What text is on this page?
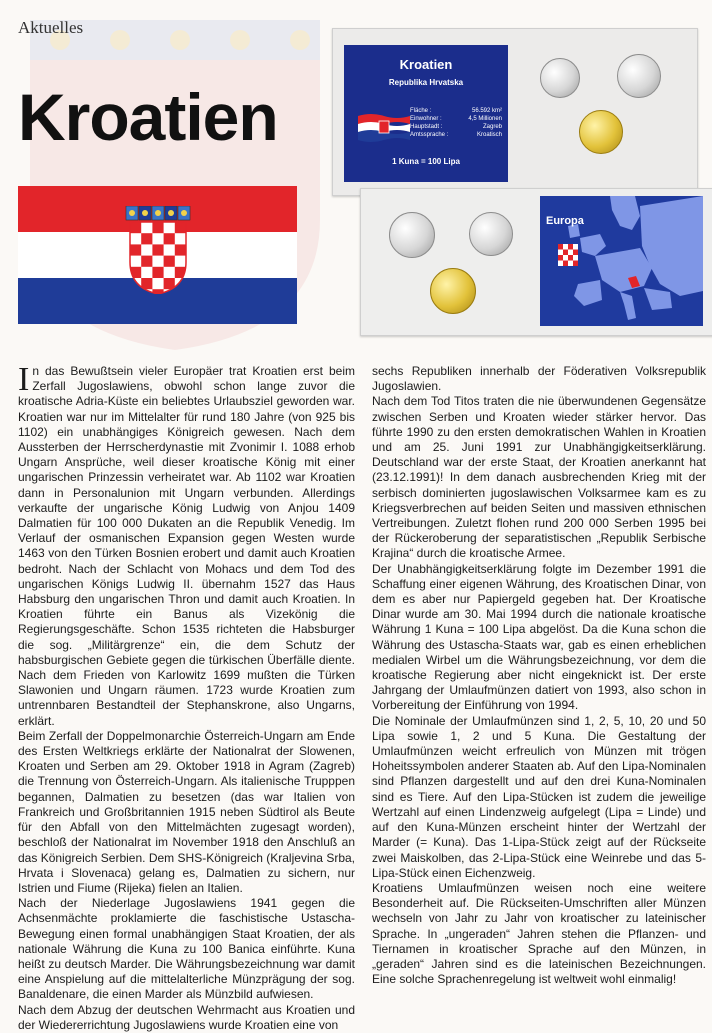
Aktuelles
Kroatien
Kroatien
Republika Hrvatska
Fläche :	56.592 km²
Einwohner :	4,5 Millionen
Hauptstadt :	Zagreb
Amtssprache :	Kroatisch
1 Kuna = 100 Lipa
Europa

In das Bewußtsein vieler Europäer trat Kroatien erst beim Zerfall Jugoslawiens, obwohl schon lange zuvor die kroatische Adria-Küste ein beliebtes Urlaubsziel geworden war. Kroatien war nur im Mittelalter für rund 180 Jahre (von 925 bis 1102) ein unabhängiges Königreich gewesen. Nach dem Aussterben der Herrscherdynastie mit Zvonimir I. 1088 erhob Ungarn Ansprüche, weil dieser kroatische König mit einer ungarischen Prinzessin verheiratet war. Ab 1102 war Kroatien dann in Personalunion mit Ungarn verbunden. Allerdings verkaufte der ungarische König Ludwig von Anjou 1409 Dalmatien für 100 000 Dukaten an die Republik Venedig. Im Verlauf der osmanischen Expansion gegen Westen wurde 1463 von den Türken Bosnien erobert und damit auch Kroatien bedroht. Nach der Schlacht von Mohacs und dem Tod des ungarischen Königs Ludwig II. übernahm 1527 das Haus Habsburg den ungarischen Thron und damit auch Kroatien. In Kroatien führte ein Banus als Vizekönig die Regierungsgeschäfte. Schon 1535 richteten die Habsburger die sog. „Militärgrenze“ ein, die dem Schutz der habsburgischen Gebiete gegen die türkischen Überfälle diente. Nach dem Frieden von Karlowitz 1699 mußten die Türken Slawonien und Ungarn räumen. 1723 wurde Kroatien zum untrennbaren Bestandteil der Stephanskrone, also Ungarns, erklärt.

Beim Zerfall der Doppelmonarchie Österreich-Ungarn am Ende des Ersten Weltkriegs erklärte der Nationalrat der Slowenen, Kroaten und Serben am 29. Oktober 1918 in Agram (Zagreb) die Trennung von Österreich-Ungarn. Als italienische Trupppen begannen, Dalmatien zu besetzen (das war Italien von Frankreich und Großbritannien 1915 neben Südtirol als Beute für den Abfall von den Mittelmächten zugesagt worden), beschloß der Nationalrat im November 1918 den Anschluß an das Königreich Serbien. Dem SHS-Königreich (Kraljevina Srba, Hrvata i Slovenaca) gelang es, Dalmatien zu sichern, nur Istrien und Fiume (Rijeka) fielen an Italien.

Nach der Niederlage Jugoslawiens 1941 gegen die Achsenmächte proklamierte die faschistische Ustascha-Bewegung einen formal unabhängigen Staat Kroatien, der als nationale Währung die Kuna zu 100 Banica einführte. Kuna heißt zu deutsch Marder. Die Währungsbezeichnung war damit eine Anspielung auf die mittelalterliche Münzprägung der sog. Banaldenare, die einen Marder als Münzbild aufwiesen.

Nach dem Abzug der deutschen Wehrmacht aus Kroatien und der Wiedererrichtung Jugoslawiens wurde Kroatien eine von

sechs Republiken innerhalb der Föderativen Volksrepublik Jugoslawien.

Nach dem Tod Titos traten die nie überwundenen Gegensätze zwischen Serben und Kroaten wieder stärker hervor. Das führte 1990 zu den ersten demokratischen Wahlen in Kroatien und am 25. Juni 1991 zur Unabhängigkeitserklärung. Deutschland war der erste Staat, der Kroatien anerkannt hat (23.12.1991)! In dem danach ausbrechenden Krieg mit der serbisch dominierten jugoslawischen Volksarmee kam es zu Kriegsverbrechen auf beiden Seiten und massiven ethnischen Vertreibungen. Zuletzt flohen rund 200 000 Serben 1995 bei der Rückeroberung der separatistischen „Republik Serbische Krajina“ durch die kroatische Armee.

Der Unabhängigkeitserklärung folgte im Dezember 1991 die Schaffung einer eigenen Währung, des Kroatischen Dinar, von dem es aber nur Papiergeld gegeben hat. Der Kroatische Dinar wurde am 30. Mai 1994 durch die nationale kroatische Währung 1 Kuna = 100 Lipa abgelöst. Da die Kuna schon die Währung des Ustascha-Staats war, gab es einen erheblichen medialen Wirbel um die Währungsbezeichnung, vor dem die kroatische Regierung aber nicht eingeknickt ist. Der erste Jahrgang der Umlaufmünzen datiert von 1993, also schon in Vorbereitung der Einführung von 1994.

Die Nominale der Umlaufmünzen sind 1, 2, 5, 10, 20 und 50 Lipa sowie 1, 2 und 5 Kuna. Die Gestaltung der Umlaufmünzen weicht erfreulich von Münzen mit trögen Hoheitssymbolen anderer Staaten ab. Auf den Lipa-Nominalen sind Pflanzen dargestellt und auf den drei Kuna-Nominalen sind es Tiere. Auf den Lipa-Stücken ist zudem die jeweilige Wertzahl auf einen Lindenzweig aufgelegt (Lipa = Linde) und auf den Kuna-Münzen erscheint hinter der Wertzahl der Marder (= Kuna). Das 1-Lipa-Stück zeigt auf der Rückseite zwei Maiskolben, das 2-Lipa-Stück eine Weinrebe und das 5-Lipa-Stück einen Eichenzweig.

Kroatiens Umlaufmünzen weisen noch eine weitere Besonderheit auf. Die Rückseiten-Umschriften aller Münzen wechseln von Jahr zu Jahr von kroatischer zu lateinischer Sprache. In „ungeraden“ Jahren stehen die Pflanzen- und Tiernamen in kroatischer Sprache auf den Münzen, in „geraden“ Jahren sind es die lateinischen Bezeichnungen. Eine solche Sprachenregelung ist weltweit wohl einmalig!
